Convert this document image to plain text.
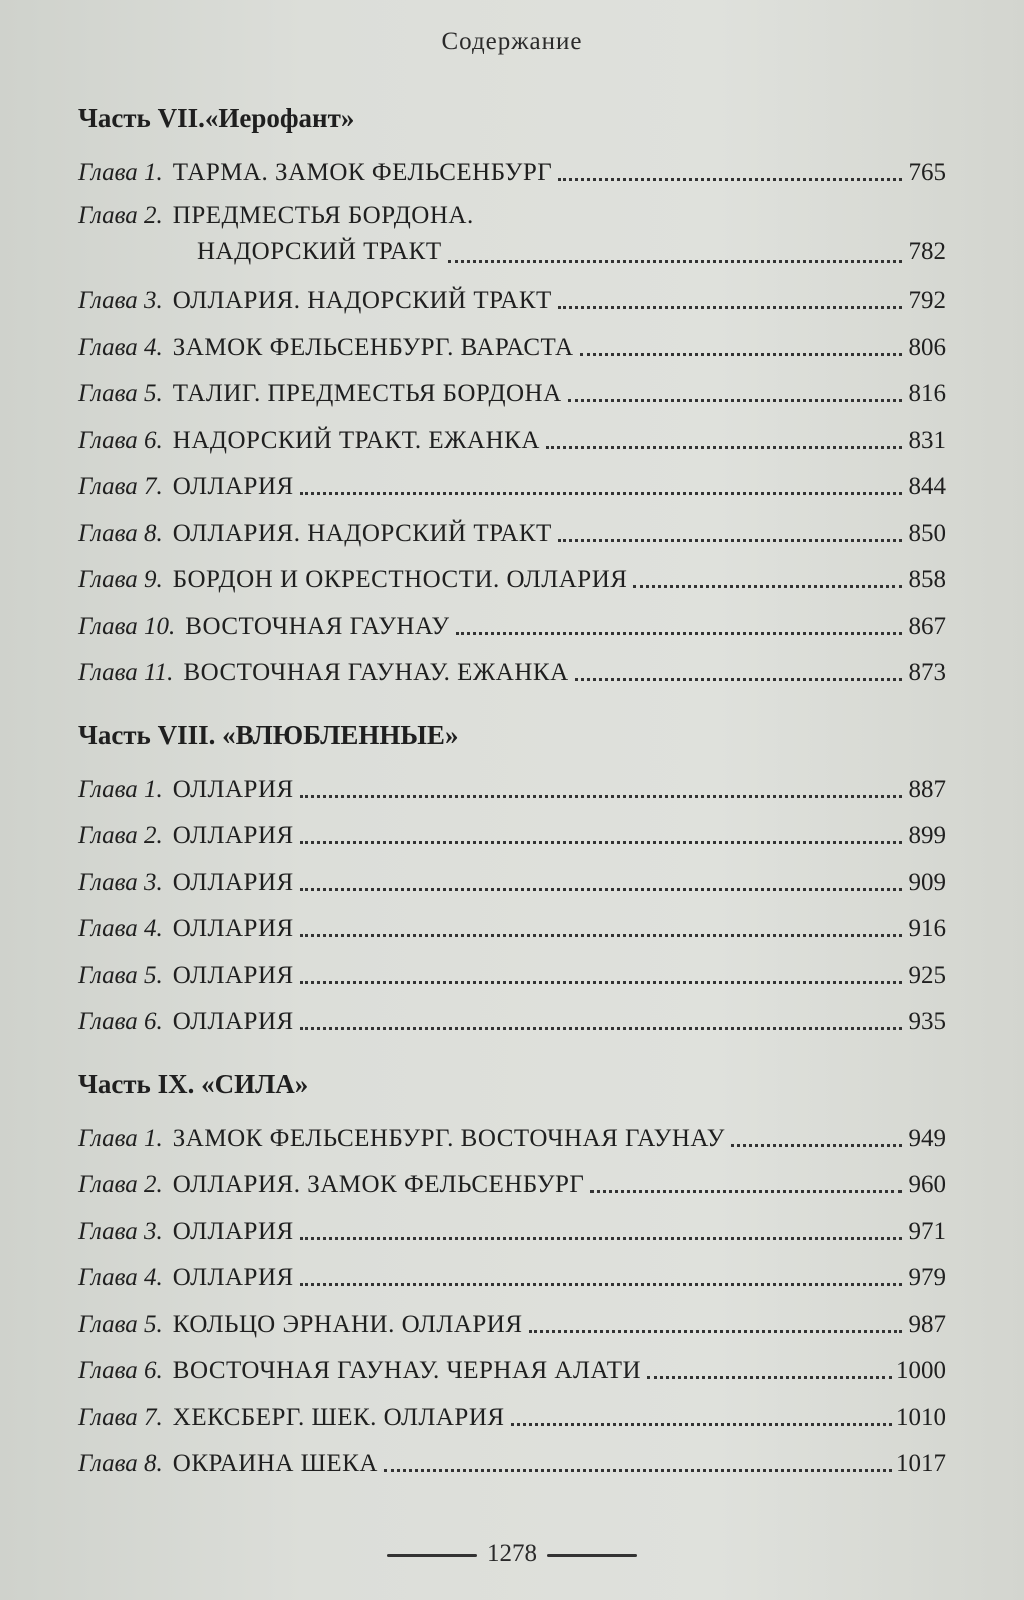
Содержание
Часть VII.«Иерофант»
Глава 1. ТАРМА. ЗАМОК ФЕЛЬСЕНБУРГ	765
Глава 2. ПРЕДМЕСТЬЯ БОРДОНА.
НАДОРСКИЙ ТРАКТ	782
Глава 3. ОЛЛАРИЯ. НАДОРСКИЙ ТРАКТ	792
Глава 4. ЗАМОК ФЕЛЬСЕНБУРГ. ВАРАСТА	806
Глава 5. ТАЛИГ. ПРЕДМЕСТЬЯ БОРДОНА	816
Глава 6. НАДОРСКИЙ ТРАКТ. ЕЖАНКА	831
Глава 7. ОЛЛАРИЯ	844
Глава 8. ОЛЛАРИЯ. НАДОРСКИЙ ТРАКТ	850
Глава 9. БОРДОН И ОКРЕСТНОСТИ. ОЛЛАРИЯ	858
Глава 10. ВОСТОЧНАЯ ГАУНАУ	867
Глава 11. ВОСТОЧНАЯ ГАУНАУ. ЕЖАНКА	873
Часть VIII. «ВЛЮБЛЕННЫЕ»
Глава 1. ОЛЛАРИЯ	887
Глава 2. ОЛЛАРИЯ	899
Глава 3. ОЛЛАРИЯ	909
Глава 4. ОЛЛАРИЯ	916
Глава 5. ОЛЛАРИЯ	925
Глава 6. ОЛЛАРИЯ	935
Часть IX. «СИЛА»
Глава 1. ЗАМОК ФЕЛЬСЕНБУРГ. ВОСТОЧНАЯ ГАУНАУ	949
Глава 2. ОЛЛАРИЯ. ЗАМОК ФЕЛЬСЕНБУРГ	960
Глава 3. ОЛЛАРИЯ	971
Глава 4. ОЛЛАРИЯ	979
Глава 5. КОЛЬЦО ЭРНАНИ. ОЛЛАРИЯ	987
Глава 6. ВОСТОЧНАЯ ГАУНАУ. ЧЕРНАЯ АЛАТИ	1000
Глава 7. ХЕКСБЕРГ. ШЕК. ОЛЛАРИЯ	1010
Глава 8. ОКРАИНА ШЕКА	1017
1278
